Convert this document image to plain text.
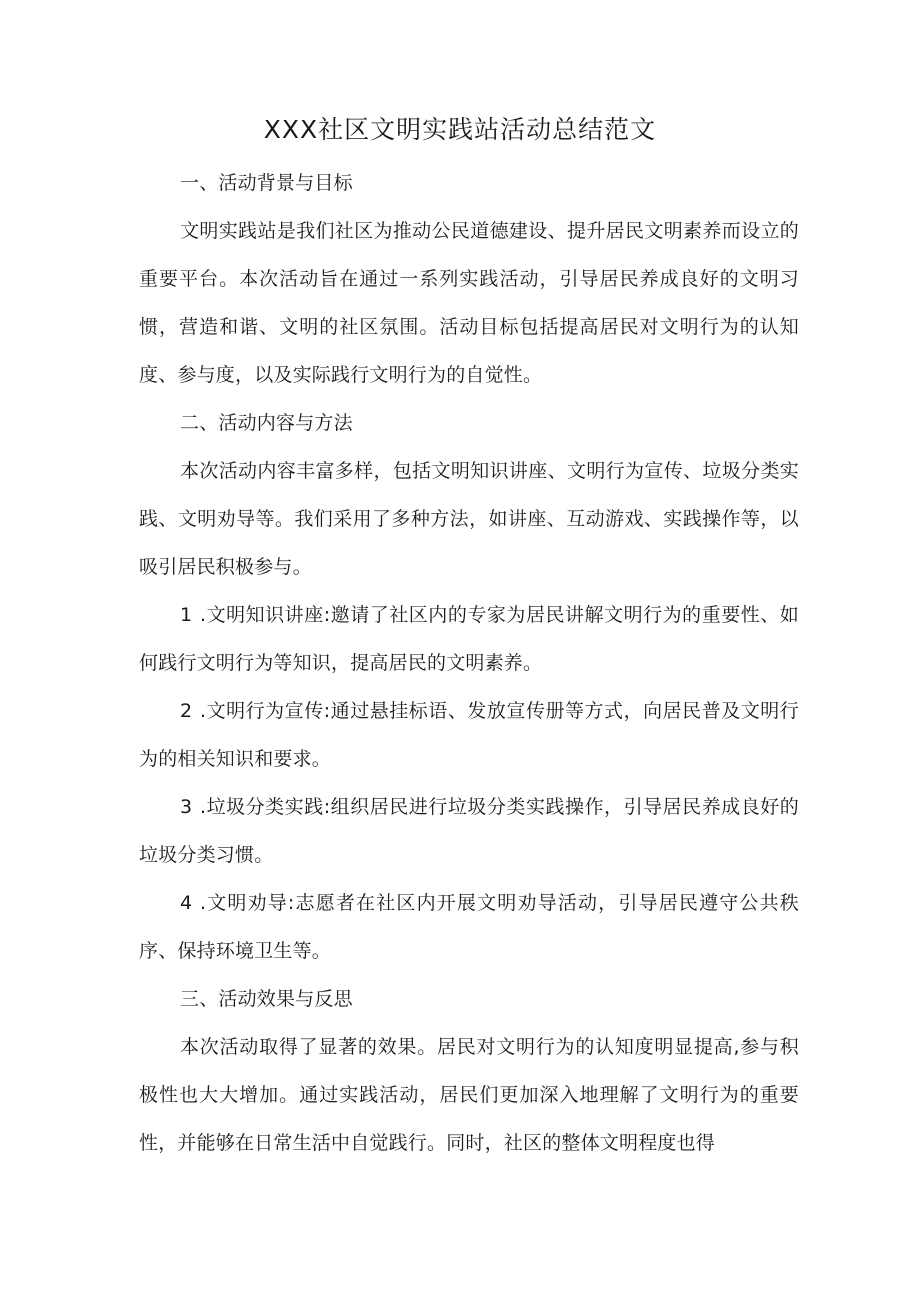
XXX社区文明实践站活动总结范文

一、活动背景与目标

文明实践站是我们社区为推动公民道德建设、提升居民文明素养而设立的重要平台。本次活动旨在通过一系列实践活动，引导居民养成良好的文明习惯，营造和谐、文明的社区氛围。活动目标包括提高居民对文明行为的认知度、参与度，以及实际践行文明行为的自觉性。

二、活动内容与方法

本次活动内容丰富多样，包括文明知识讲座、文明行为宣传、垃圾分类实践、文明劝导等。我们采用了多种方法，如讲座、互动游戏、实践操作等，以吸引居民积极参与。

1 .文明知识讲座:邀请了社区内的专家为居民讲解文明行为的重要性、如何践行文明行为等知识，提高居民的文明素养。

2 .文明行为宣传:通过悬挂标语、发放宣传册等方式，向居民普及文明行为的相关知识和要求。

3 .垃圾分类实践:组织居民进行垃圾分类实践操作，引导居民养成良好的垃圾分类习惯。

4 .文明劝导:志愿者在社区内开展文明劝导活动，引导居民遵守公共秩序、保持环境卫生等。

三、活动效果与反思

本次活动取得了显著的效果。居民对文明行为的认知度明显提高,参与积极性也大大增加。通过实践活动，居民们更加深入地理解了文明行为的重要性，并能够在日常生活中自觉践行。同时，社区的整体文明程度也得
